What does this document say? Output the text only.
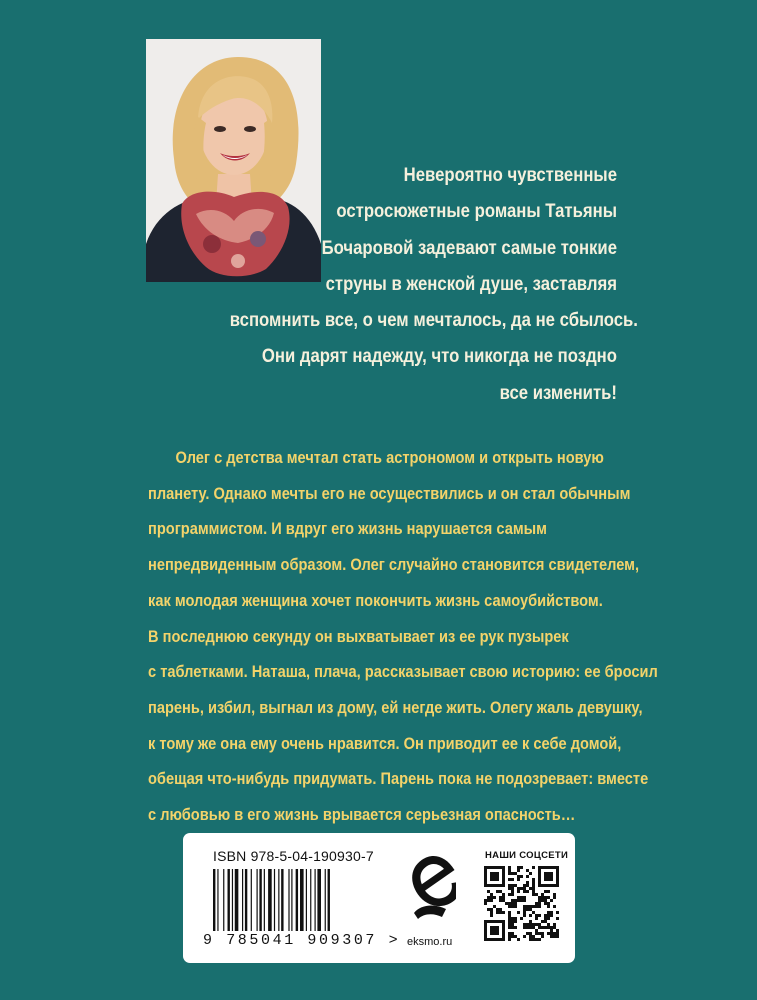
Невероятно чувственные
остросюжетные романы Татьяны
Бочаровой задевают самые тонкие
струны в женской душе, заставляя
вспомнить все, о чем мечталось, да не сбылось.
Они дарят надежду, что никогда не поздно
все изменить!
Олег с детства мечтал стать астрономом и открыть новую
планету. Однако мечты его не осуществились и он стал обычным
программистом. И вдруг его жизнь нарушается самым
непредвиденным образом. Олег случайно становится свидетелем,
как молодая женщина хочет покончить жизнь самоубийством.
В последнюю секунду он выхватывает из ее рук пузырек
с таблетками. Наташа, плача, рассказывает свою историю: ее бросил
парень, избил, выгнал из дому, ей негде жить. Олегу жаль девушку,
к тому же она ему очень нравится. Он приводит ее к себе домой,
обещая что-нибудь придумать. Парень пока не подозревает: вместе
с любовью в его жизнь врывается серьезная опасность…
ISBN 978-5-04-190930-7
9 785041 909307 > eksmo.ru
НАШИ СОЦСЕТИ
